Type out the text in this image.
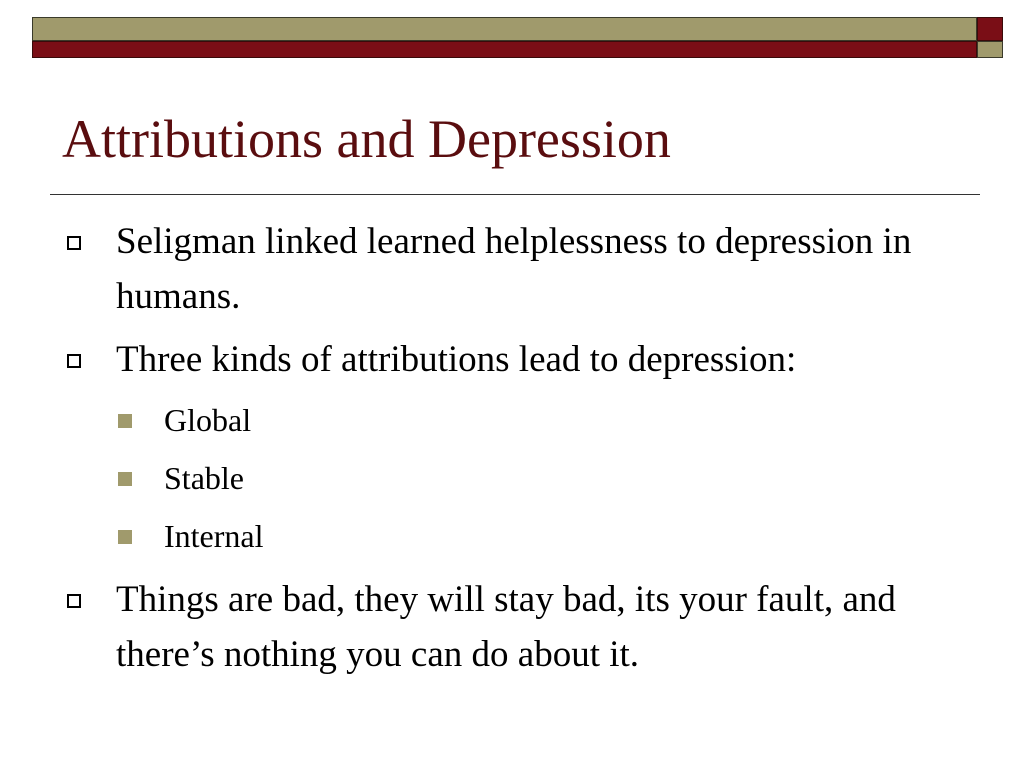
Attributions and Depression
Seligman linked learned helplessness to depression in humans.
Three kinds of attributions lead to depression:
Global
Stable
Internal
Things are bad, they will stay bad, its your fault, and there’s nothing you can do about it.
